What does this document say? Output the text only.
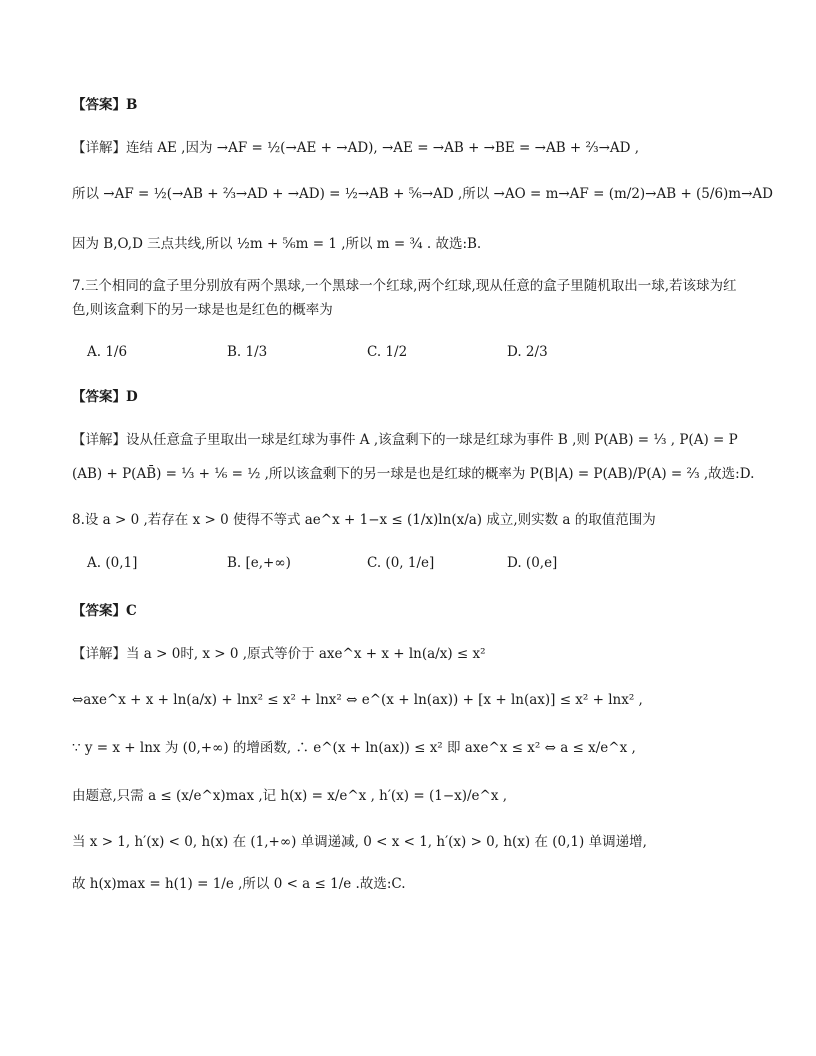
【答案】B
【详解】连结 AE ,因为 →AF = ½(→AE + →AD), →AE = →AB + →BE = →AB + ⅔→AD ,
所以 →AF = ½(→AB + ⅔→AD + →AD) = ½→AB + ⅚→AD ,所以 →AO = m→AF = (m/2)→AB + (5/6)m→AD
因为 B,O,D 三点共线,所以 ½m + ⅚m = 1 ,所以 m = ¾ . 故选:B.
7.三个相同的盒子里分别放有两个黑球,一个黑球一个红球,两个红球,现从任意的盒子里随机取出一球,若该球为红色,则该盒剩下的另一球是也是红色的概率为
A. 1/6	B. 1/3	C. 1/2	D. 2/3
【答案】D
【详解】设从任意盒子里取出一球是红球为事件 A ,该盒剩下的一球是红球为事件 B ,则 P(AB) = ⅓ , P(A) = P
(AB) + P(AB̄) = ⅓ + ⅙ = ½ ,所以该盒剩下的另一球是也是红球的概率为 P(B|A) = P(AB)/P(A) = ⅔ ,故选:D.
8.设 a > 0 ,若存在 x > 0 使得不等式 ae^x + 1−x ≤ (1/x)ln(x/a) 成立,则实数 a 的取值范围为
A. (0,1]	B. [e,+∞)	C. (0, 1/e]	D. (0,e]
【答案】C
【详解】当 a > 0时, x > 0 ,原式等价于 axe^x + x + ln(a/x) ≤ x²
⇔axe^x + x + ln(a/x) + lnx² ≤ x² + lnx² ⇔ e^(x + ln(ax)) + [x + ln(ax)] ≤ x² + lnx² ,
∵ y = x + lnx 为 (0,+∞) 的增函数, ∴ e^(x + ln(ax)) ≤ x² 即 axe^x ≤ x² ⇔ a ≤ x/e^x ,
由题意,只需 a ≤ (x/e^x)max ,记 h(x) = x/e^x , h′(x) = (1−x)/e^x ,
当 x > 1, h′(x) < 0, h(x) 在 (1,+∞) 单调递减, 0 < x < 1, h′(x) > 0, h(x) 在 (0,1) 单调递增,
故 h(x)max = h(1) = 1/e ,所以 0 < a ≤ 1/e .故选:C.
